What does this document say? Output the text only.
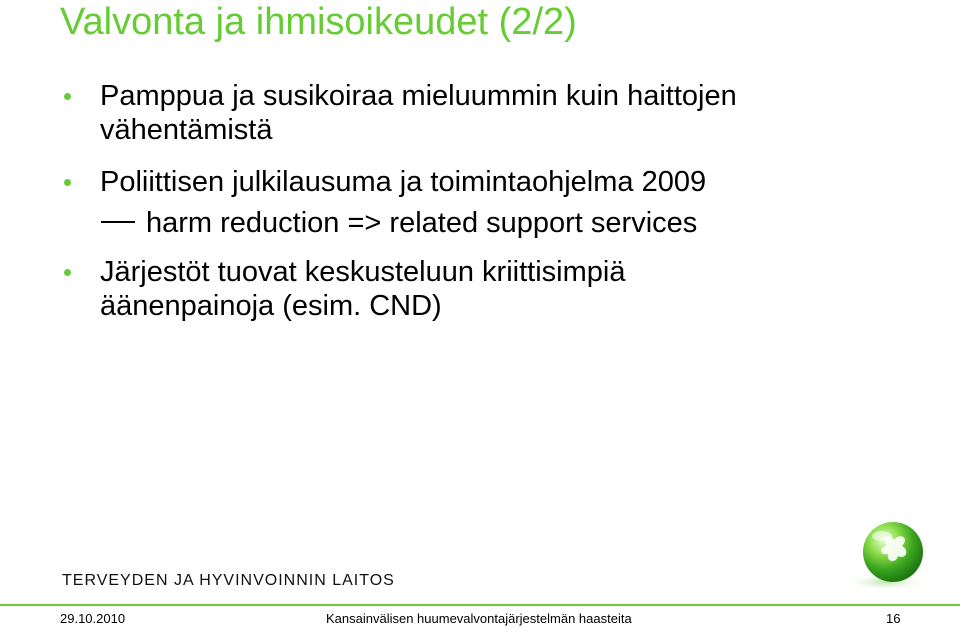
Valvonta ja ihmisoikeudet (2/2)
Pamppua ja susikoiraa mieluummin kuin haittojen
vähentämistä
Poliittisen julkilausuma ja toimintaohjelma 2009
harm reduction => related support services
Järjestöt tuovat keskusteluun kriittisimpiä
äänenpainoja (esim. CND)
TERVEYDEN JA HYVINVOINNIN LAITOS
29.10.2010	Kansainvälisen huumevalvontajärjestelmän haasteita	16
